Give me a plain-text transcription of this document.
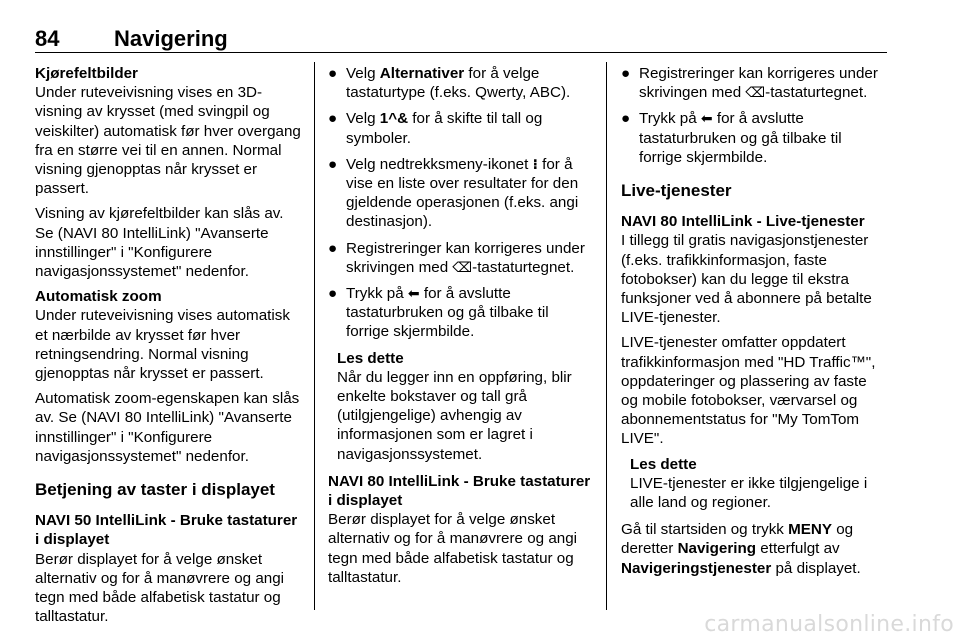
84 Navigering
Kjørefeltbilder
Under ruteveivisning vises en 3D-visning av krysset (med svingpil og veiskilter) automatisk før hver overgang fra en større vei til en annen. Normal visning gjenopptas når krysset er passert.
Visning av kjørefeltbilder kan slås av. Se (NAVI 80 IntelliLink) "Avanserte innstillinger" i "Konfigurere navigasjonssystemet" nedenfor.
Automatisk zoom
Under ruteveivisning vises automatisk et nærbilde av krysset før hver retningsendring. Normal visning gjenopptas når krysset er passert.
Automatisk zoom-egenskapen kan slås av. Se (NAVI 80 IntelliLink) "Avanserte innstillinger" i "Konfigurere navigasjonssystemet" nedenfor.
Betjening av taster i displayet
NAVI 50 IntelliLink - Bruke tastaturer i displayet
Berør displayet for å velge ønsket alternativ og for å manøvrere og angi tegn med både alfabetisk tastatur og talltastatur.
● Velg Alternativer for å velge tastaturtype (f.eks. Qwerty, ABC).
● Velg 1^& for å skifte til tall og symboler.
● Velg nedtrekksmeny-ikonet ⁝ for å vise en liste over resultater for den gjeldende operasjonen (f.eks. angi destinasjon).
● Registreringer kan korrigeres under skrivingen med ⌫-tastaturtegnet.
● Trykk på ⬅ for å avslutte tastaturbruken og gå tilbake til forrige skjermbilde.
Les dette
Når du legger inn en oppføring, blir enkelte bokstaver og tall grå (utilgjengelige) avhengig av informasjonen som er lagret i navigasjonssystemet.
NAVI 80 IntelliLink - Bruke tastaturer i displayet
Berør displayet for å velge ønsket alternativ og for å manøvrere og angi tegn med både alfabetisk tastatur og talltastatur.
● Registreringer kan korrigeres under skrivingen med ⌫-tastaturtegnet.
● Trykk på ⬅ for å avslutte tastaturbruken og gå tilbake til forrige skjermbilde.
Live-tjenester
NAVI 80 IntelliLink - Live-tjenester
I tillegg til gratis navigasjonstjenester (f.eks. trafikkinformasjon, faste fotobokser) kan du legge til ekstra funksjoner ved å abonnere på betalte LIVE-tjenester.
LIVE-tjenester omfatter oppdatert trafikkinformasjon med "HD Traffic™", oppdateringer og plassering av faste og mobile fotobokser, værvarsel og abonnementstatus for "My TomTom LIVE".
Les dette
LIVE-tjenester er ikke tilgjengelige i alle land og regioner.
Gå til startsiden og trykk MENY og deretter Navigering etterfulgt av Navigeringstjenester på displayet.
carmanualsonline.info
